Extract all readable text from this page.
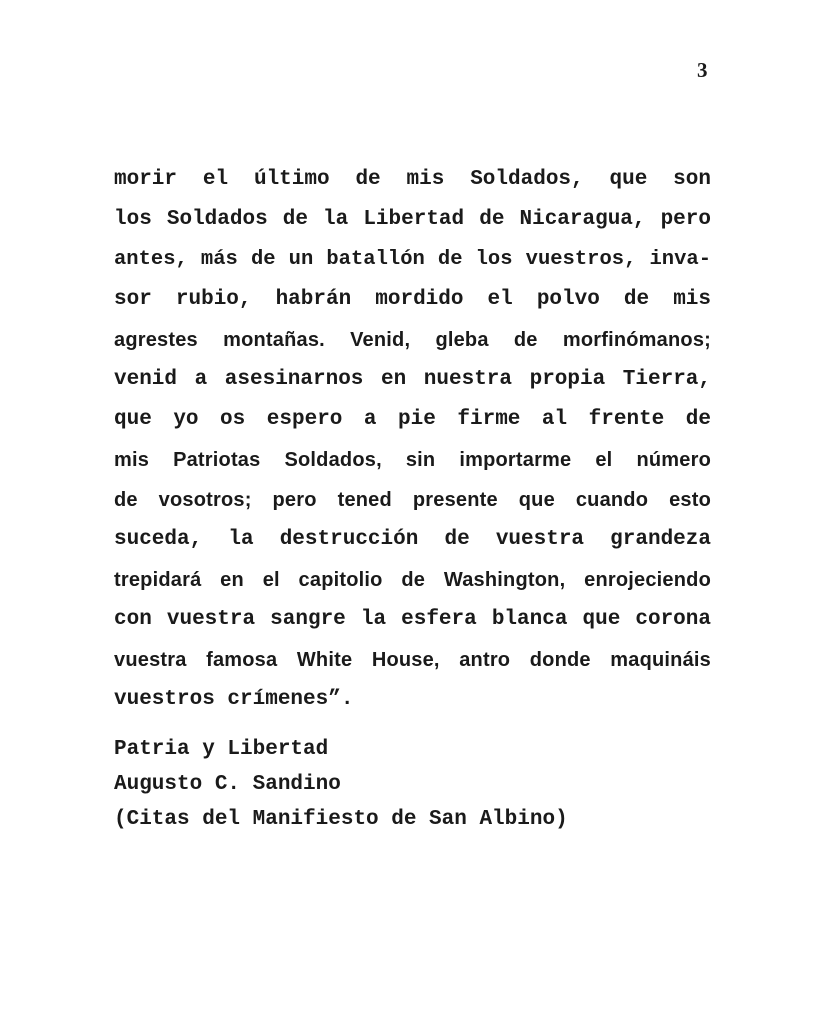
3
morir el último de mis Soldados, que son
los Soldados de la Libertad de Nicaragua, pero
antes, más de un batallón de los vuestros, inva-
sor rubio, habrán mordido el polvo de mis
agrestes montañas. Venid, gleba de morfinómanos;
venid a asesinarnos en nuestra propia Tierra,
que yo os espero a pie firme al frente de
mis Patriotas Soldados, sin importarme el número
de vosotros; pero tened presente que cuando esto
suceda, la destrucción de vuestra grandeza
trepidará en el capitolio de Washington, enrojeciendo
con vuestra sangre la esfera blanca que corona
vuestra famosa White House, antro donde maquináis
vuestros crímenes”.
Patria y Libertad
Augusto C. Sandino
(Citas del Manifiesto de San Albino)
